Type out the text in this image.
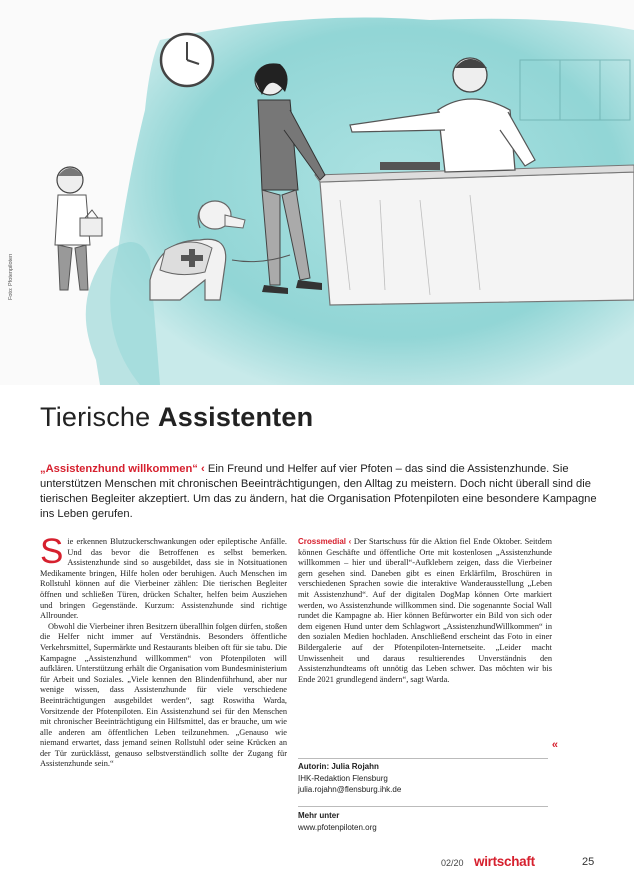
Foto: Pfotenpiloten
Tierische Assistenten

„Assistenzhund willkommen“ ‹ Ein Freund und Helfer auf vier Pfoten – das sind die Assistenzhunde. Sie unterstützen Menschen mit chronischen Beeinträchtigungen, den Alltag zu meistern. Doch nicht überall sind die tierischen Begleiter akzeptiert. Um das zu ändern, hat die Organisation Pfotenpiloten eine besondere Kampagne ins Leben gerufen.

Sie erkennen Blutzuckerschwankungen oder epileptische Anfälle. Und das bevor die Betroffenen es selbst bemerken. Assistenzhunde sind so ausgebildet, dass sie in Notsituationen Medikamente bringen, Hilfe holen oder beruhigen. Auch Menschen im Rollstuhl können auf die Vierbeiner zählen: Die tierischen Begleiter öffnen und schließen Türen, drücken Schalter, helfen beim Ausziehen und bringen Gegenstände. Kurzum: Assistenzhunde sind richtige Allrounder.

Obwohl die Vierbeiner ihren Besitzern überallhin folgen dürfen, stoßen die Helfer nicht immer auf Verständnis. Besonders öffentliche Verkehrsmittel, Supermärkte und Restaurants bleiben oft für sie tabu. Die Kampagne „Assistenzhund willkommen“ von Pfotenpiloten will aufklären. Unterstützung erhält die Organisation vom Bundesministerium für Arbeit und Soziales. „Viele kennen den Blindenführhund, aber nur wenige wissen, dass Assistenzhunde für viele verschiedene Beeinträchtigungen ausgebildet werden“, sagt Roswitha Warda, Vorsitzende der Pfotenpiloten. Ein Assistenzhund sei für den Menschen mit chronischer Beeinträchtigung ein Hilfsmittel, das er brauche, um wie alle anderen am öffentlichen Leben teilzunehmen. „Genauso wie niemand erwartet, dass jemand seinen Rollstuhl oder seine Krücken an der Tür zurücklässt, genauso selbstverständlich sollte der Zugang für Assistenzhunde sein.“

Crossmedial ‹ Der Startschuss für die Aktion fiel Ende Oktober. Seitdem können Geschäfte und öffentliche Orte mit kostenlosen „Assistenzhunde willkommen – hier und überall“-Aufklebern zeigen, dass die Vierbeiner gern gesehen sind. Daneben gibt es einen Erklärfilm, Broschüren in verschiedenen Sprachen sowie die interaktive Wanderausstellung „Leben mit Assistenzhund“. Auf der digitalen DogMap können Orte markiert werden, wo Assistenzhunde willkommen sind. Die sogenannte Social Wall rundet die Kampagne ab. Hier können Befürworter ein Bild von sich oder dem eigenen Hund unter dem Schlagwort „AssistenzhundWillkommen“ in den sozialen Medien hochladen. Anschließend erscheint das Foto in einer Bildergalerie auf der Pfotenpiloten-Internetseite. „Leider macht Unwissenheit und daraus resultierendes Unverständnis den Assistenzhundteams oft unnötig das Leben schwer. Das möchten wir bis Ende 2021 grundlegend ändern“, sagt Warda.

«
Autorin: Julia Rojahn
IHK-Redaktion Flensburg
julia.rojahn@flensburg.ihk.de
Mehr unter
www.pfotenpiloten.org
02/20 wirtschaft	25
